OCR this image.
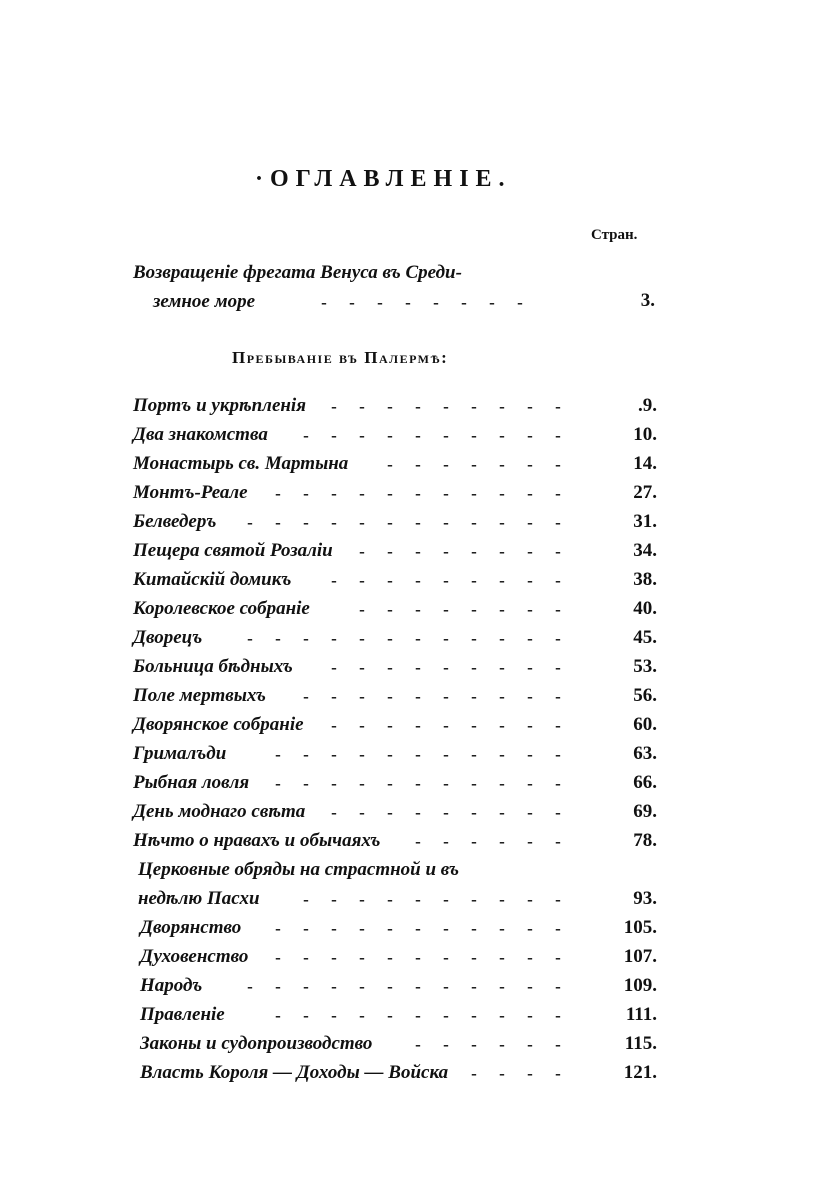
·ОГЛАВЛЕНІЕ.
Стран.
Возвращеніе фрегата Венуса въ Среди-
земное море	- - - - - - - -	3.
Пребываніе въ Палермѣ:
Портъ и укрѣпленія	.9.
Два знакомства	10.
Монастырь св. Мартына	14.
Монтъ-Реале	27.
Белведеръ	31.
Пещера святой Розаліи	34.
Китайскій домикъ	38.
Королевское собраніе	40.
Дворецъ	45.
Больница бѣдныхъ	53.
Поле мертвыхъ	56.
Дворянское собраніе	60.
Грималъди	63.
Рыбная ловля	66.
День моднаго свѣта	69.
Нѣчто о нравахъ и обычаяхъ	78.
Церковные обряды на страстной и въ
недѣлю Пасхи	93.
Дворянство	105.
Духовенство	107.
Народъ	109.
Правленіе	111.
Законы и судопроизводство	115.
Власть Короля — Доходы — Войска	121.
- - - - - - - - -
- - - - - - - - - -
- - - - - - -
- - - - - - - - - - -
- - - - - - - - - - - -
- - - - - - - -
- - - - - - - - -
- - - - - - - -
- - - - - - - - - - - -
- - - - - - - - -
- - - - - - - - - -
- - - - - - - - -
- - - - - - - - - - -
- - - - - - - - - - -
- - - - - - - - -
- - - - - -
- - - - - - - - - -
- - - - - - - - - - -
- - - - - - - - - - -
- - - - - - - - - - - -
- - - - - - - - - - -
- - - - - -
- - - -
